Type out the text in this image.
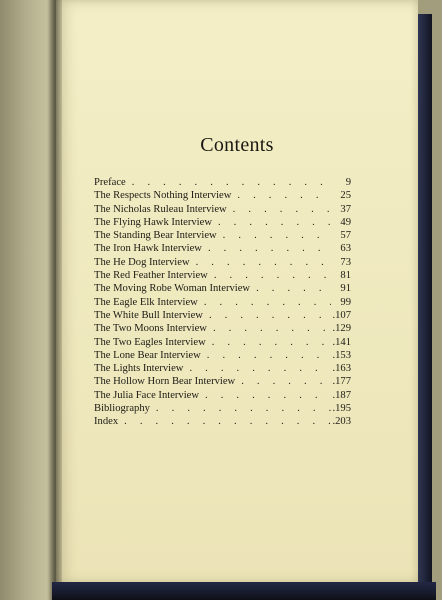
Contents
Preface . . .	9
The Respects Nothing Interview . . .	25
The Nicholas Ruleau Interview . . .	37
The Flying Hawk Interview . . .	49
The Standing Bear Interview . . .	57
The Iron Hawk Interview . . .	63
The He Dog Interview . . .	73
The Red Feather Interview . . .	81
The Moving Robe Woman Interview . . .	91
The Eagle Elk Interview . . .	99
The White Bull Interview . . .	.107
The Two Moons Interview . . .	.129
The Two Eagles Interview . . .	.141
The Lone Bear Interview . . .	.153
The Lights Interview . . .	.163
The Hollow Horn Bear Interview . . .	.177
The Julia Face Interview . . .	.187
Bibliography . . .	.195
Index . . .	.203
